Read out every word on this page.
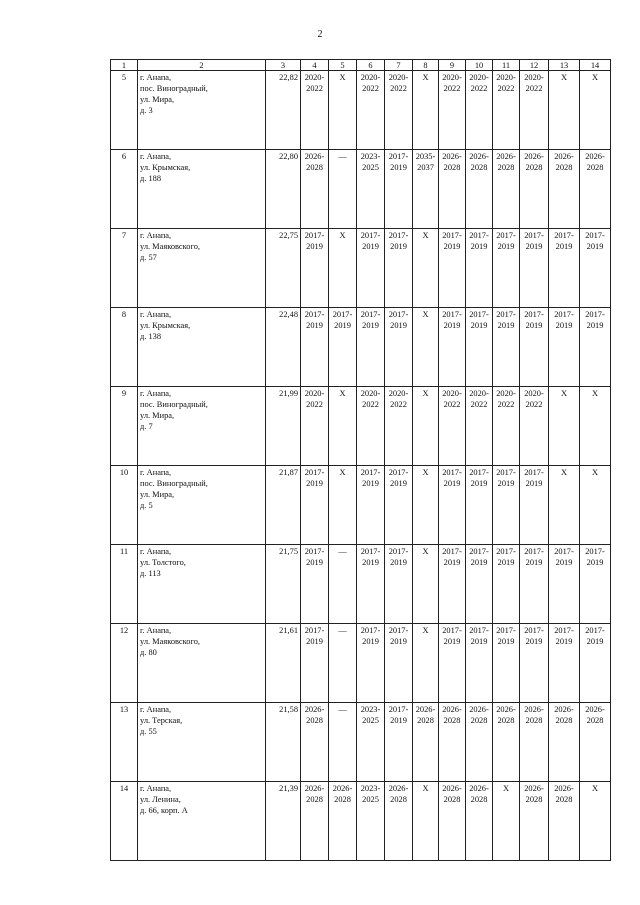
2
1	2	3	4	5	6	7	8	9	10	11	12	13	14
5	г. Анапа,
пос. Виноградный,
ул. Мира,
д. 3	22,82	2020-
2022	X	2020-
2022	2020-
2022	X	2020-
2022	2020-
2022	2020-
2022	2020-
2022	X	X

6	г. Анапа,
ул. Крымская,
д. 188	22,80	2026-
2028	—	2023-
2025	2017-
2019	2035-
2037	2026-
2028	2026-
2028	2026-
2028	2026-
2028	2026-
2028	2026-
2028

7	г. Анапа,
ул. Маяковского,
д. 57	22,75	2017-
2019	X	2017-
2019	2017-
2019	X	2017-
2019	2017-
2019	2017-
2019	2017-
2019	2017-
2019	2017-
2019

8	г. Анапа,
ул. Крымская,
д. 138	22,48	2017-
2019	2017-
2019	2017-
2019	2017-
2019	X	2017-
2019	2017-
2019	2017-
2019	2017-
2019	2017-
2019	2017-
2019

9	г. Анапа,
пос. Виноградный,
ул. Мира,
д. 7	21,99	2020-
2022	X	2020-
2022	2020-
2022	X	2020-
2022	2020-
2022	2020-
2022	2020-
2022	X	X

10	г. Анапа,
пос. Виноградный,
ул. Мира,
д. 5	21,87	2017-
2019	X	2017-
2019	2017-
2019	X	2017-
2019	2017-
2019	2017-
2019	2017-
2019	X	X

11	г. Анапа,
ул. Толстого,
д. 113	21,75	2017-
2019	—	2017-
2019	2017-
2019	X	2017-
2019	2017-
2019	2017-
2019	2017-
2019	2017-
2019	2017-
2019

12	г. Анапа,
ул. Маяковского,
д. 80	21,61	2017-
2019	—	2017-
2019	2017-
2019	X	2017-
2019	2017-
2019	2017-
2019	2017-
2019	2017-
2019	2017-
2019

13	г. Анапа,
ул. Терская,
д. 55	21,58	2026-
2028	—	2023-
2025	2017-
2019	2026-
2028	2026-
2028	2026-
2028	2026-
2028	2026-
2028	2026-
2028	2026-
2028

14	г. Анапа,
ул. Ленина,
д. 66, корп. А	21,39	2026-
2028	2026-
2028	2023-
2025	2026-
2028	X	2026-
2028	2026-
2028	X	2026-
2028	2026-
2028	X
